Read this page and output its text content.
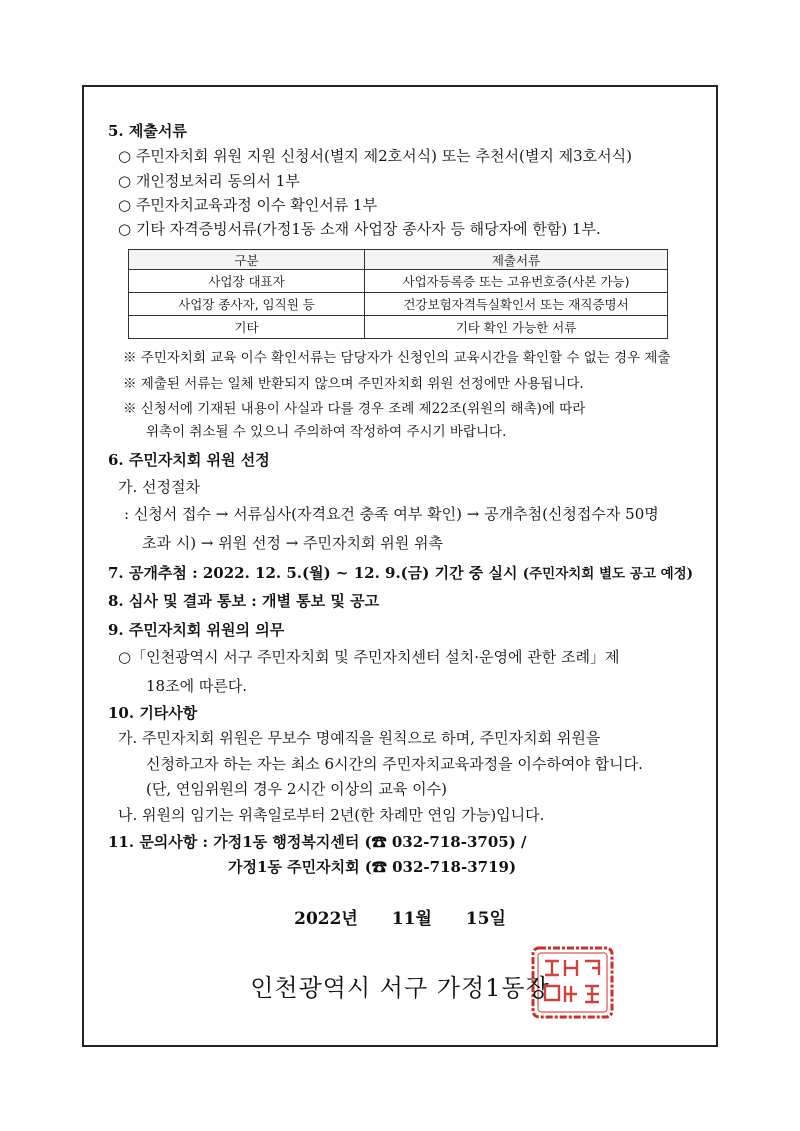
5. 제출서류
○ 주민자치회 위원 지원 신청서(별지 제2호서식) 또는 추천서(별지 제3호서식)
○ 개인정보처리 동의서 1부
○ 주민자치교육과정 이수 확인서류 1부
○ 기타 자격증빙서류(가정1동 소재 사업장 종사자 등 해당자에 한함) 1부.
구분	제출서류
사업장 대표자	사업자등록증 또는 고유번호증(사본 가능)
사업장 종사자, 임직원 등	건강보험자격득실확인서 또는 재직증명서
기타	기타 확인 가능한 서류
※ 주민자치회 교육 이수 확인서류는 담당자가 신청인의 교육시간을 확인할 수 없는 경우 제출
※ 제출된 서류는 일체 반환되지 않으며 주민자치회 위원 선정에만 사용됩니다.
※ 신청서에 기재된 내용이 사실과 다를 경우 조례 제22조(위원의 해촉)에 따라
위촉이 취소될 수 있으니 주의하여 작성하여 주시기 바랍니다.
6. 주민자치회 위원 선정
가. 선정절차
: 신청서 접수 → 서류심사(자격요건 충족 여부 확인) → 공개추첨(신청접수자 50명
초과 시) → 위원 선정 → 주민자치회 위원 위촉
7. 공개추첨 : 2022. 12. 5.(월) ~ 12. 9.(금) 기간 중 실시 (주민자치회 별도 공고 예정)
8. 심사 및 결과 통보 : 개별 통보 및 공고
9. 주민자치회 위원의 의무
○「인천광역시 서구 주민자치회 및 주민자치센터 설치·운영에 관한 조례」제
18조에 따른다.
10. 기타사항
가. 주민자치회 위원은 무보수 명예직을 원칙으로 하며, 주민자치회 위원을
신청하고자 하는 자는 최소 6시간의 주민자치교육과정을 이수하여야 합니다.
(단, 연임위원의 경우 2시간 이상의 교육 이수)
나. 위원의 임기는 위촉일로부터 2년(한 차례만 연임 가능)입니다.
11. 문의사항 : 가정1동 행정복지센터 (☎ 032-718-3705) /
가정1동 주민자치회 (☎ 032-718-3719)
2022년 11월 15일
인천광역시 서구 가정1동장
